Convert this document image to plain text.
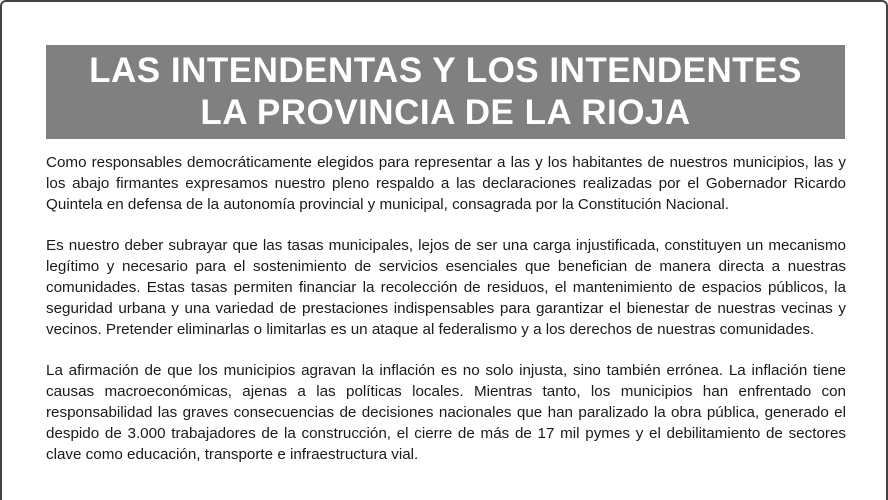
LAS INTENDENTAS Y LOS INTENDENTES
LA PROVINCIA DE LA RIOJA

Como responsables democráticamente elegidos para representar a las y los habitantes de nuestros municipios, las y los abajo firmantes expresamos nuestro pleno respaldo a las declaraciones realizadas por el Gobernador Ricardo Quintela en defensa de la autonomía provincial y municipal, consagrada por la Constitución Nacional.

Es nuestro deber subrayar que las tasas municipales, lejos de ser una carga injustificada, constituyen un mecanismo legítimo y necesario para el sostenimiento de servicios esenciales que benefician de manera directa a nuestras comunidades. Estas tasas permiten financiar la recolección de residuos, el mantenimiento de espacios públicos, la seguridad urbana y una variedad de prestaciones indispensables para garantizar el bienestar de nuestras vecinas y vecinos. Pretender eliminarlas o limitarlas es un ataque al federalismo y a los derechos de nuestras comunidades.

La afirmación de que los municipios agravan la inflación es no solo injusta, sino también errónea. La inflación tiene causas macroeconómicas, ajenas a las políticas locales. Mientras tanto, los municipios han enfrentado con responsabilidad las graves consecuencias de decisiones nacionales que han paralizado la obra pública, generado el despido de 3.000 trabajadores de la construcción, el cierre de más de 17 mil pymes y el debilitamiento de sectores clave como educación, transporte e infraestructura vial.
